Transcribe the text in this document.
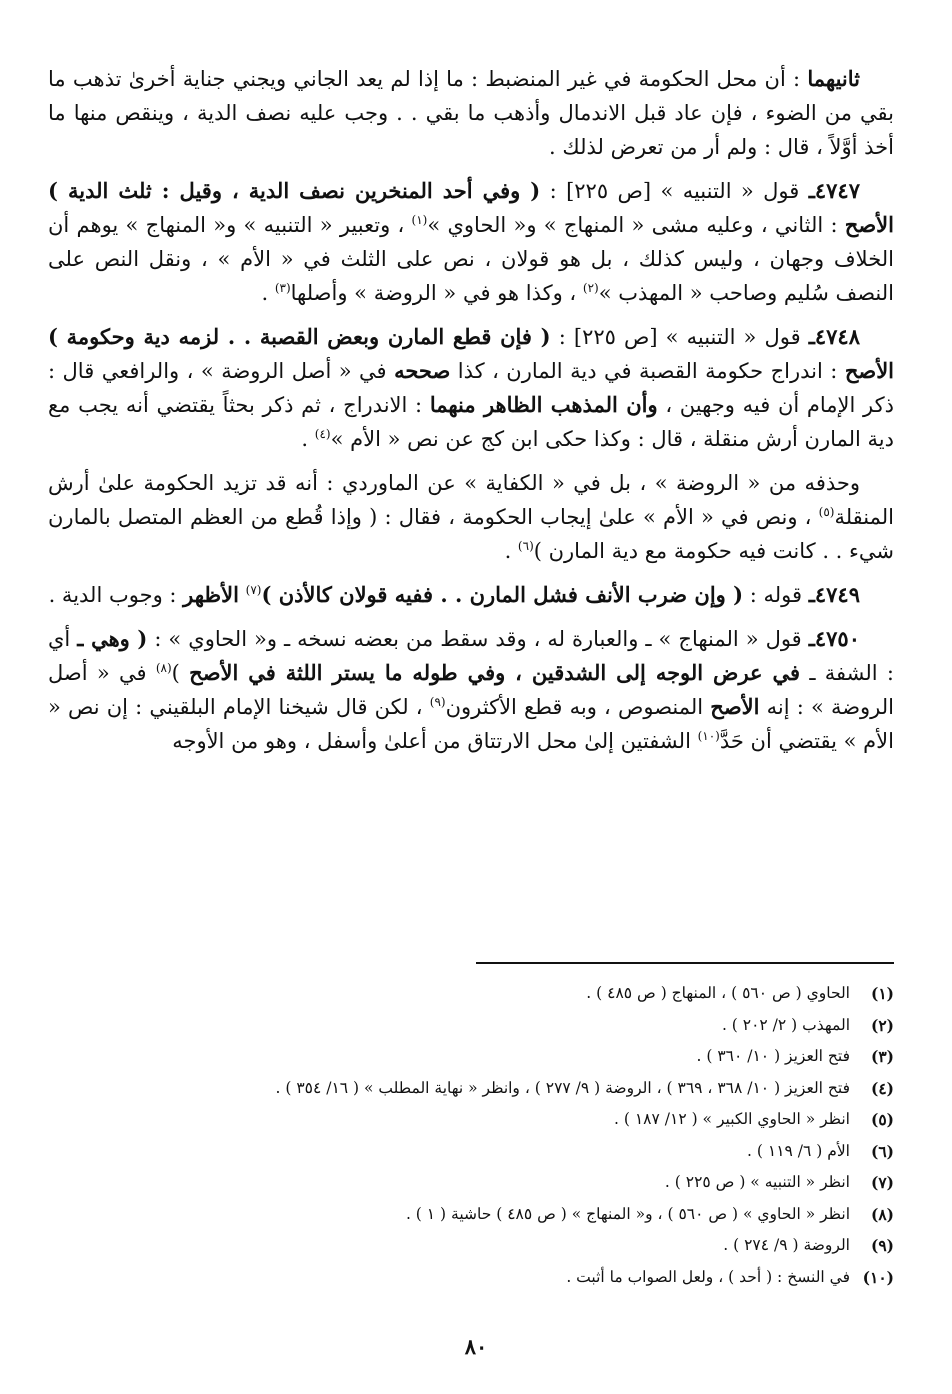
ثانيهما : أن محل الحكومة في غير المنضبط : ما إذا لم يعد الجاني ويجني جناية أخرىٰ تذهب ما بقي من الضوء ، فإن عاد قبل الاندمال وأذهب ما بقي . . وجب عليه نصف الدية ، وينقص منها ما أخذ أوَّلاً ، قال : ولم أر من تعرض لذلك .

٤٧٤٧ـ قول « التنبيه » [ص ٢٢٥] : ( وفي أحد المنخرين نصف الدية ، وقيل : ثلث الدية ) الأصح : الثاني ، وعليه مشى « المنهاج » و« الحاوي »$^{(١)}$ ، وتعبير « التنبيه » و« المنهاج » يوهم أن الخلاف وجهان ، وليس كذلك ، بل هو قولان ، نص على الثلث في « الأم » ، ونقل النص على النصف سُليم وصاحب « المهذب »$^{(٢)}$ ، وكذا هو في « الروضة » وأصلها$^{(٣)}$ .

٤٧٤٨ـ قول « التنبيه » [ص ٢٢٥] : ( فإن قطع المارن وبعض القصبة . . لزمه دية وحكومة ) الأصح : اندراج حكومة القصبة في دية المارن ، كذا صححه في « أصل الروضة » ، والرافعي قال : ذكر الإمام أن فيه وجهين ، وأن المذهب الظاهر منهما : الاندراج ، ثم ذكر بحثاً يقتضي أنه يجب مع دية المارن أرش منقلة ، قال : وكذا حكى ابن كج عن نص « الأم »$^{(٤)}$ .

وحذفه من « الروضة » ، بل في « الكفاية » عن الماوردي : أنه قد تزيد الحكومة علىٰ أرش المنقلة$^{(٥)}$ ، ونص في « الأم » علىٰ إيجاب الحكومة ، فقال : ( وإذا قُطع من العظم المتصل بالمارن شيء . . كانت فيه حكومة مع دية المارن )$^{(٦)}$ .

٤٧٤٩ـ قوله : ( وإن ضرب الأنف فشل المارن . . ففيه قولان كالأذن )$^{(٧)}$ الأظهر : وجوب الدية .

٤٧٥٠ـ قول « المنهاج » ـ والعبارة له ، وقد سقط من بعضه نسخه ـ و« الحاوي » : ( وهي ـ أي : الشفة ـ في عرض الوجه إلى الشدقين ، وفي طوله ما يستر اللثة في الأصح )$^{(٨)}$ في « أصل الروضة » : إنه الأصح المنصوص ، وبه قطع الأكثرون$^{(٩)}$ ، لكن قال شيخنا الإمام البلقيني : إن نص « الأم » يقتضي أن حَدَّ$^{(١٠)}$ الشفتين إلىٰ محل الارتتاق من أعلىٰ وأسفل ، وهو من الأوجه

(١)
الحاوي ( ص ٥٦٠ ) ، المنهاج ( ص ٤٨٥ ) .
(٢)
المهذب ( ٢/ ٢٠٢ ) .
(٣)
فتح العزيز ( ١٠/ ٣٦٠ ) .
(٤)
فتح العزيز ( ١٠/ ٣٦٨ ، ٣٦٩ ) ، الروضة ( ٩/ ٢٧٧ ) ، وانظر « نهاية المطلب » ( ١٦/ ٣٥٤ ) .
(٥)
انظر « الحاوي الكبير » ( ١٢/ ١٨٧ ) .
(٦)
الأم ( ٦/ ١١٩ ) .
(٧)
انظر « التنبيه » ( ص ٢٢٥ ) .
(٨)
انظر « الحاوي » ( ص ٥٦٠ ) ، و« المنهاج » ( ص ٤٨٥ ) حاشية ( ١ ) .
(٩)
الروضة ( ٩/ ٢٧٤ ) .
(١٠)
في النسخ : ( أحد ) ، ولعل الصواب ما أثبت .
٨٠
